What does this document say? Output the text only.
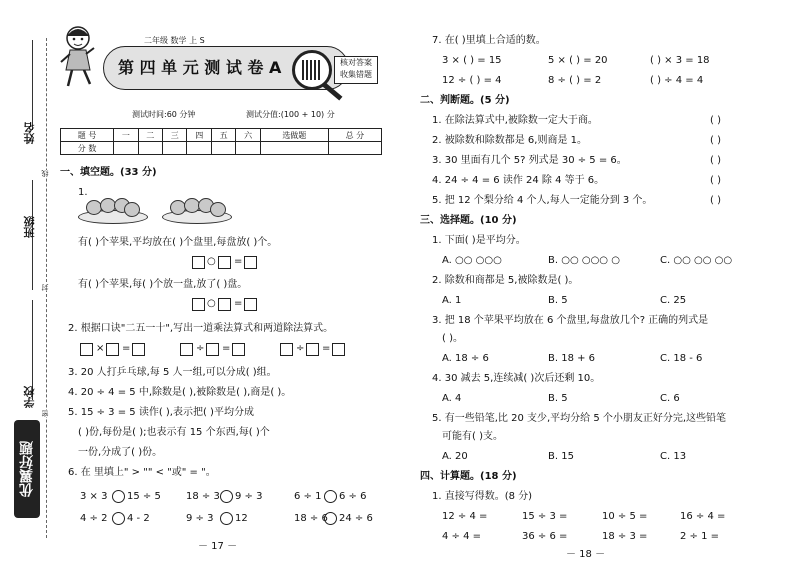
姓名
班级
学校
线
封
密
优翼好题
二年级 数学 上 S
第 四 单 元 测 试 卷 A	核对答案
收集错题
测试时间:60 分钟	测试分值:(100 + 10) 分
题 号	一	二	三	四	五	六	选做题	总 分
分 数								
一、填空题。(33 分)
1.
有( )个苹果,平均放在( )个盘里,每盘放( )个。
○ =
有( )个苹果,每( )个放一盘,放了( )盘。
○ =
2. 根据口诀"二五一十",写出一道乘法算式和两道除法算式。
× =	÷ =	÷ =
3. 20 人打乒乓球,每 5 人一组,可以分成( )组。
4. 20 ÷ 4 = 5 中,除数是( ),被除数是( ),商是( )。
5. 15 ÷ 3 = 5 读作( ),表示把( )平均分成
( )份,每份是( );也表示有 15 个东西,每( )个
一份,分成了( )份。
6. 在 里填上" > "" < "或" = "。
3 × 3 15 ÷ 5	18 ÷ 3 9 ÷ 3	6 ÷ 1 6 ÷ 6
4 ÷ 2 4 - 2	9 ÷ 3 12	18 ÷ 6 24 ÷ 6
－ 17 －
7. 在( )里填上合适的数。
3 × ( ) = 15	5 × ( ) = 20	( ) × 3 = 18
12 ÷ ( ) = 4	8 ÷ ( ) = 2	( ) ÷ 4 = 4
二、判断题。(5 分)
1. 在除法算式中,被除数一定大于商。	( )
2. 被除数和除数都是 6,则商是 1。	( )
3. 30 里面有几个 5? 列式是 30 ÷ 5 = 6。	( )
4. 24 ÷ 4 = 6 读作 24 除 4 等于 6。	( )
5. 把 12 个梨分给 4 个人,每人一定能分到 3 个。	( )
三、选择题。(10 分)
1. 下面( )是平均分。
A. ○○ ○○○	B. ○○ ○○○ ○	C. ○○ ○○ ○○
2. 除数和商都是 5,被除数是( )。
A. 1	B. 5	C. 25
3. 把 18 个苹果平均放在 6 个盘里,每盘放几个? 正确的列式是
( )。
A. 18 ÷ 6	B. 18 + 6	C. 18 - 6
4. 30 减去 5,连续减( )次后还剩 10。
A. 4	B. 5	C. 6
5. 有一些铅笔,比 20 支少,平均分给 5 个小朋友正好分完,这些铅笔
可能有( )支。
A. 20	B. 15	C. 13
四、计算题。(18 分)
1. 直接写得数。(8 分)
12 ÷ 4 =	15 ÷ 3 =	10 ÷ 5 =	16 ÷ 4 =
4 ÷ 4 =	36 ÷ 6 =	18 ÷ 3 =	2 ÷ 1 =
－ 18 －
